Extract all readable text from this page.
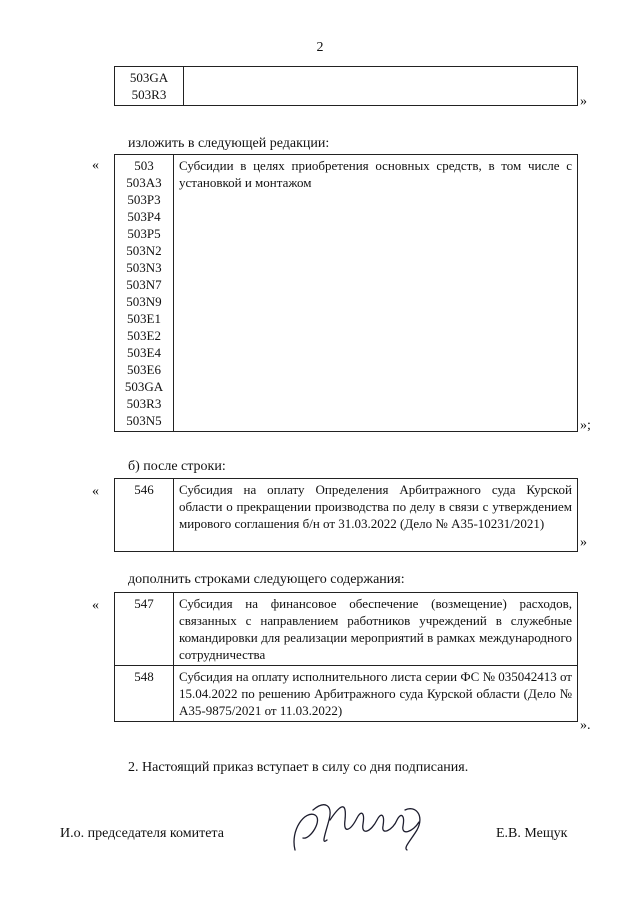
2
503GA
503R3
		»
изложить в следующей редакции:
«	503
503A3
503P3
503P4
503P5
503N2
503N3
503N7
503N9
503E1
503E2
503E4
503E6
503GA
503R3
503N5
	Субсидии в целях приобретения основных средств, в том числе с установкой и монтажом
»;
б) после строки:
«	546	Субсидия на оплату Определения Арбитражного суда Курской области о прекращении производства по делу в связи с утверждением мирового соглашения б/н от 31.03.2022 (Дело № А35-10231/2021)
»
дополнить строками следующего содержания:
«	547	Субсидия на финансовое обеспечение (возмещение) расходов, связанных с направлением работников учреждений в служебные командировки для реализации мероприятий в рамках международного сотрудничества
548	Субсидия на оплату исполнительного листа серии ФС № 035042413 от 15.04.2022 по решению Арбитражного суда Курской области (Дело № А35-9875/2021 от 11.03.2022)
».
2. Настоящий приказ вступает в силу со дня подписания.
И.о. председателя комитета	Е.В. Мещук
